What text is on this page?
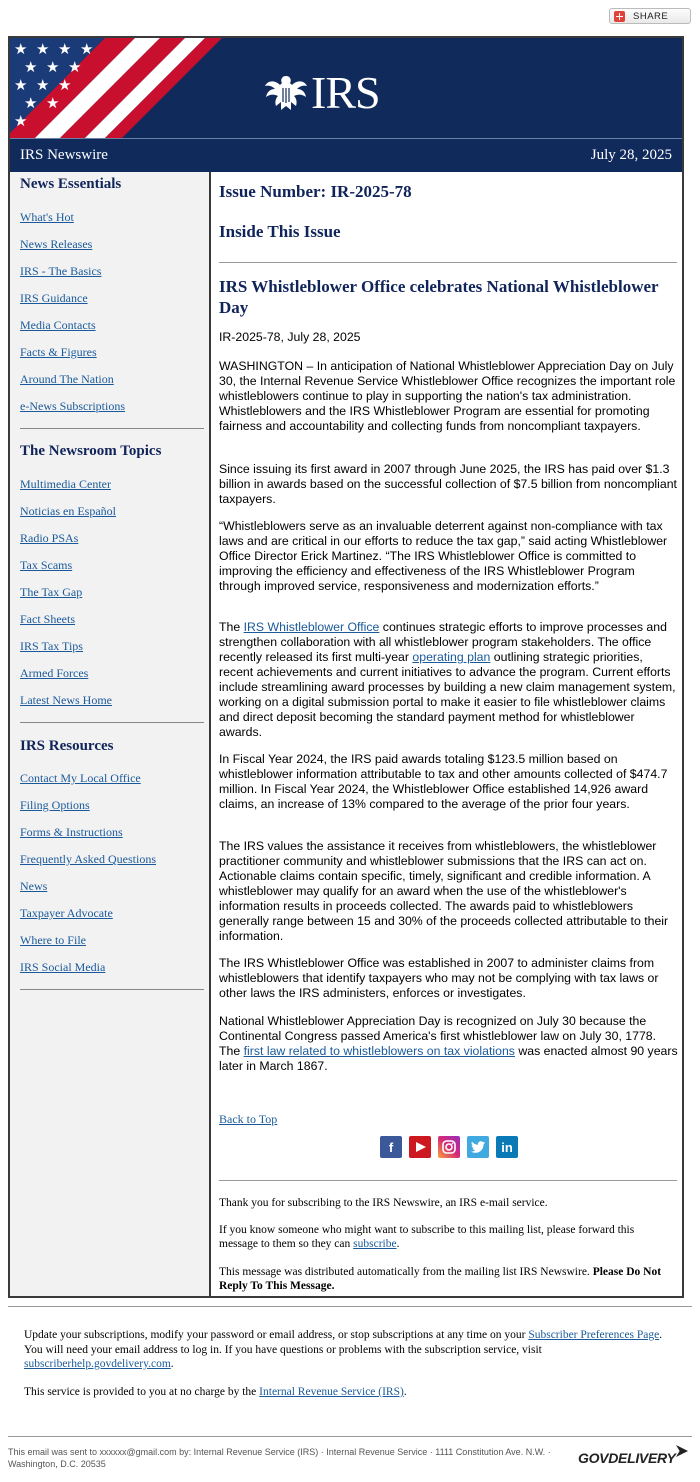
SHARE
★ ★ ★ ★
★ ★ ★
★ ★ ★
★ ★
★
IRS
IRS Newswire	July 28, 2025
News Essentials
What's Hot
News Releases
IRS - The Basics
IRS Guidance
Media Contacts
Facts & Figures
Around The Nation
e-News Subscriptions
The Newsroom Topics
Multimedia Center
Noticias en Español
Radio PSAs
Tax Scams
The Tax Gap
Fact Sheets
IRS Tax Tips
Armed Forces
Latest News Home
IRS Resources
Contact My Local Office
Filing Options
Forms & Instructions
Frequently Asked Questions
News
Taxpayer Advocate
Where to File
IRS Social Media
Issue Number: IR-2025-78
Inside This Issue
IRS Whistleblower Office celebrates National Whistleblower Day
IR-2025-78, July 28, 2025
WASHINGTON – In anticipation of National Whistleblower Appreciation Day on July 30, the Internal Revenue Service Whistleblower Office recognizes the important role whistleblowers continue to play in supporting the nation's tax administration. Whistleblowers and the IRS Whistleblower Program are essential for promoting fairness and accountability and collecting funds from noncompliant taxpayers.
Since issuing its first award in 2007 through June 2025, the IRS has paid over $1.3 billion in awards based on the successful collection of $7.5 billion from noncompliant taxpayers.
“Whistleblowers serve as an invaluable deterrent against non-compliance with tax laws and are critical in our efforts to reduce the tax gap,” said acting Whistleblower Office Director Erick Martinez. “The IRS Whistleblower Office is committed to improving the efficiency and effectiveness of the IRS Whistleblower Program through improved service, responsiveness and modernization efforts.”
The IRS Whistleblower Office continues strategic efforts to improve processes and strengthen collaboration with all whistleblower program stakeholders. The office recently released its first multi-year operating plan outlining strategic priorities, recent achievements and current initiatives to advance the program. Current efforts include streamlining award processes by building a new claim management system, working on a digital submission portal to make it easier to file whistleblower claims and direct deposit becoming the standard payment method for whistleblower awards.
In Fiscal Year 2024, the IRS paid awards totaling $123.5 million based on whistleblower information attributable to tax and other amounts collected of $474.7 million. In Fiscal Year 2024, the Whistleblower Office established 14,926 award claims, an increase of 13% compared to the average of the prior four years.
The IRS values the assistance it receives from whistleblowers, the whistleblower practitioner community and whistleblower submissions that the IRS can act on. Actionable claims contain specific, timely, significant and credible information. A whistleblower may qualify for an award when the use of the whistleblower's information results in proceeds collected. The awards paid to whistleblowers generally range between 15 and 30% of the proceeds collected attributable to their information.
The IRS Whistleblower Office was established in 2007 to administer claims from whistleblowers that identify taxpayers who may not be complying with tax laws or other laws the IRS administers, enforces or investigates.
National Whistleblower Appreciation Day is recognized on July 30 because the Continental Congress passed America's first whistleblower law on July 30, 1778. The first law related to whistleblowers on tax violations was enacted almost 90 years later in March 1867.
Back to Top
f	in
Thank you for subscribing to the IRS Newswire, an IRS e-mail service.
If you know someone who might want to subscribe to this mailing list, please forward this message to them so they can subscribe.
This message was distributed automatically from the mailing list IRS Newswire. Please Do Not Reply To This Message.
Update your subscriptions, modify your password or email address, or stop subscriptions at any time on your Subscriber Preferences Page. You will need your email address to log in. If you have questions or problems with the subscription service, visit subscriberhelp.govdelivery.com.
This service is provided to you at no charge by the Internal Revenue Service (IRS).
This email was sent to xxxxxx@gmail.com by: Internal Revenue Service (IRS) · Internal Revenue Service · 1111 Constitution Ave. N.W. · Washington, D.C. 20535	GOVDELIVERY
